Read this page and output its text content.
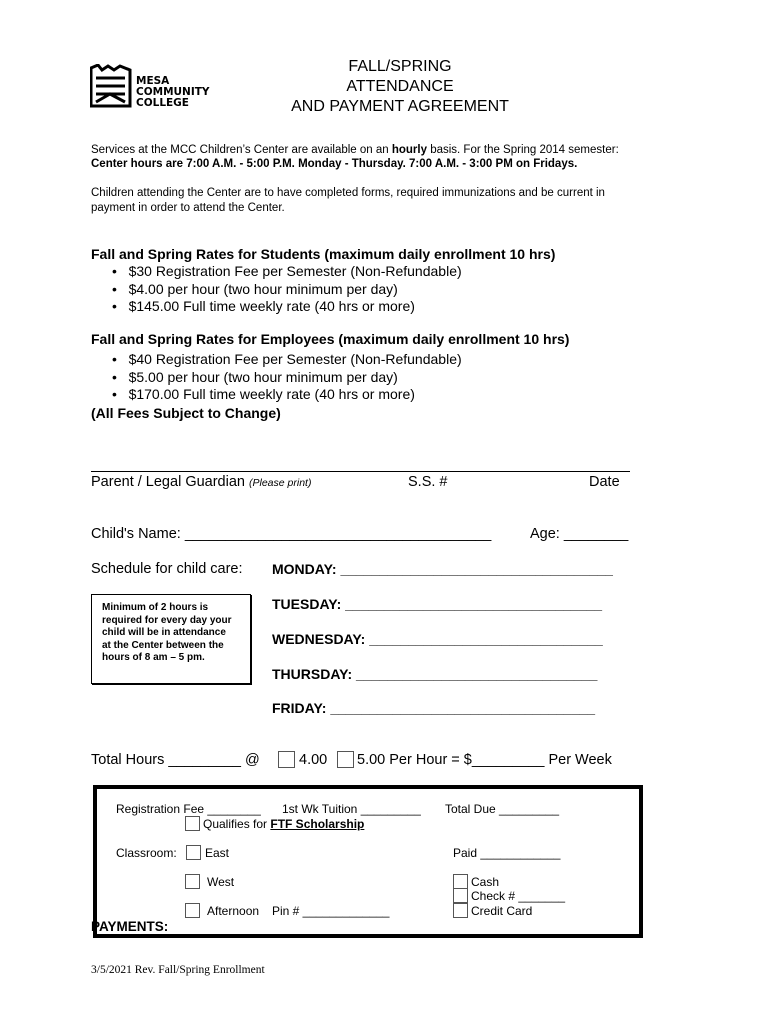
MESA
COMMUNITY
COLLEGE
FALL/SPRING
ATTENDANCE
AND PAYMENT AGREEMENT
Services at the MCC Children’s Center are available on an hourly basis. For the Spring 2014 semester:
Center hours are 7:00 A.M. - 5:00 P.M. Monday - Thursday. 7:00 A.M. - 3:00 PM on Fridays.
Children attending the Center are to have completed forms, required immunizations and be current in
payment in order to attend the Center.
Fall and Spring Rates for Students (maximum daily enrollment 10 hrs)
•   $30 Registration Fee per Semester (Non-Refundable)
•   $4.00 per hour (two hour minimum per day)
•   $145.00 Full time weekly rate (40 hrs or more)
Fall and Spring Rates for Employees (maximum daily enrollment 10 hrs)
•   $40 Registration Fee per Semester (Non-Refundable)
•   $5.00 per hour (two hour minimum per day)
•   $170.00 Full time weekly rate (40 hrs or more)
(All Fees Subject to Change)
Parent / Legal Guardian (Please print)	S.S. #	Date
Child's Name: ______________________________________	Age: ________
Schedule for child care: MONDAY: ___________________________________
TUESDAY: _________________________________
WEDNESDAY: ______________________________
THURSDAY: _______________________________
FRIDAY: __________________________________
Minimum of 2 hours is
required for every day your
child will be in attendance
at the Center between the
hours of 8 am – 5 pm.
Total Hours _________ @	4.00 5.00 Per Hour = $_________ Per Week
Registration Fee ________ 1st Wk Tuition _________ Total Due _________
Qualifies for FTF Scholarship
Classroom: East	Paid ____________
West	Cash
Check # _______
Afternoon Pin # _____________	Credit Card
PAYMENTS:
3/5/2021 Rev. Fall/Spring Enrollment
